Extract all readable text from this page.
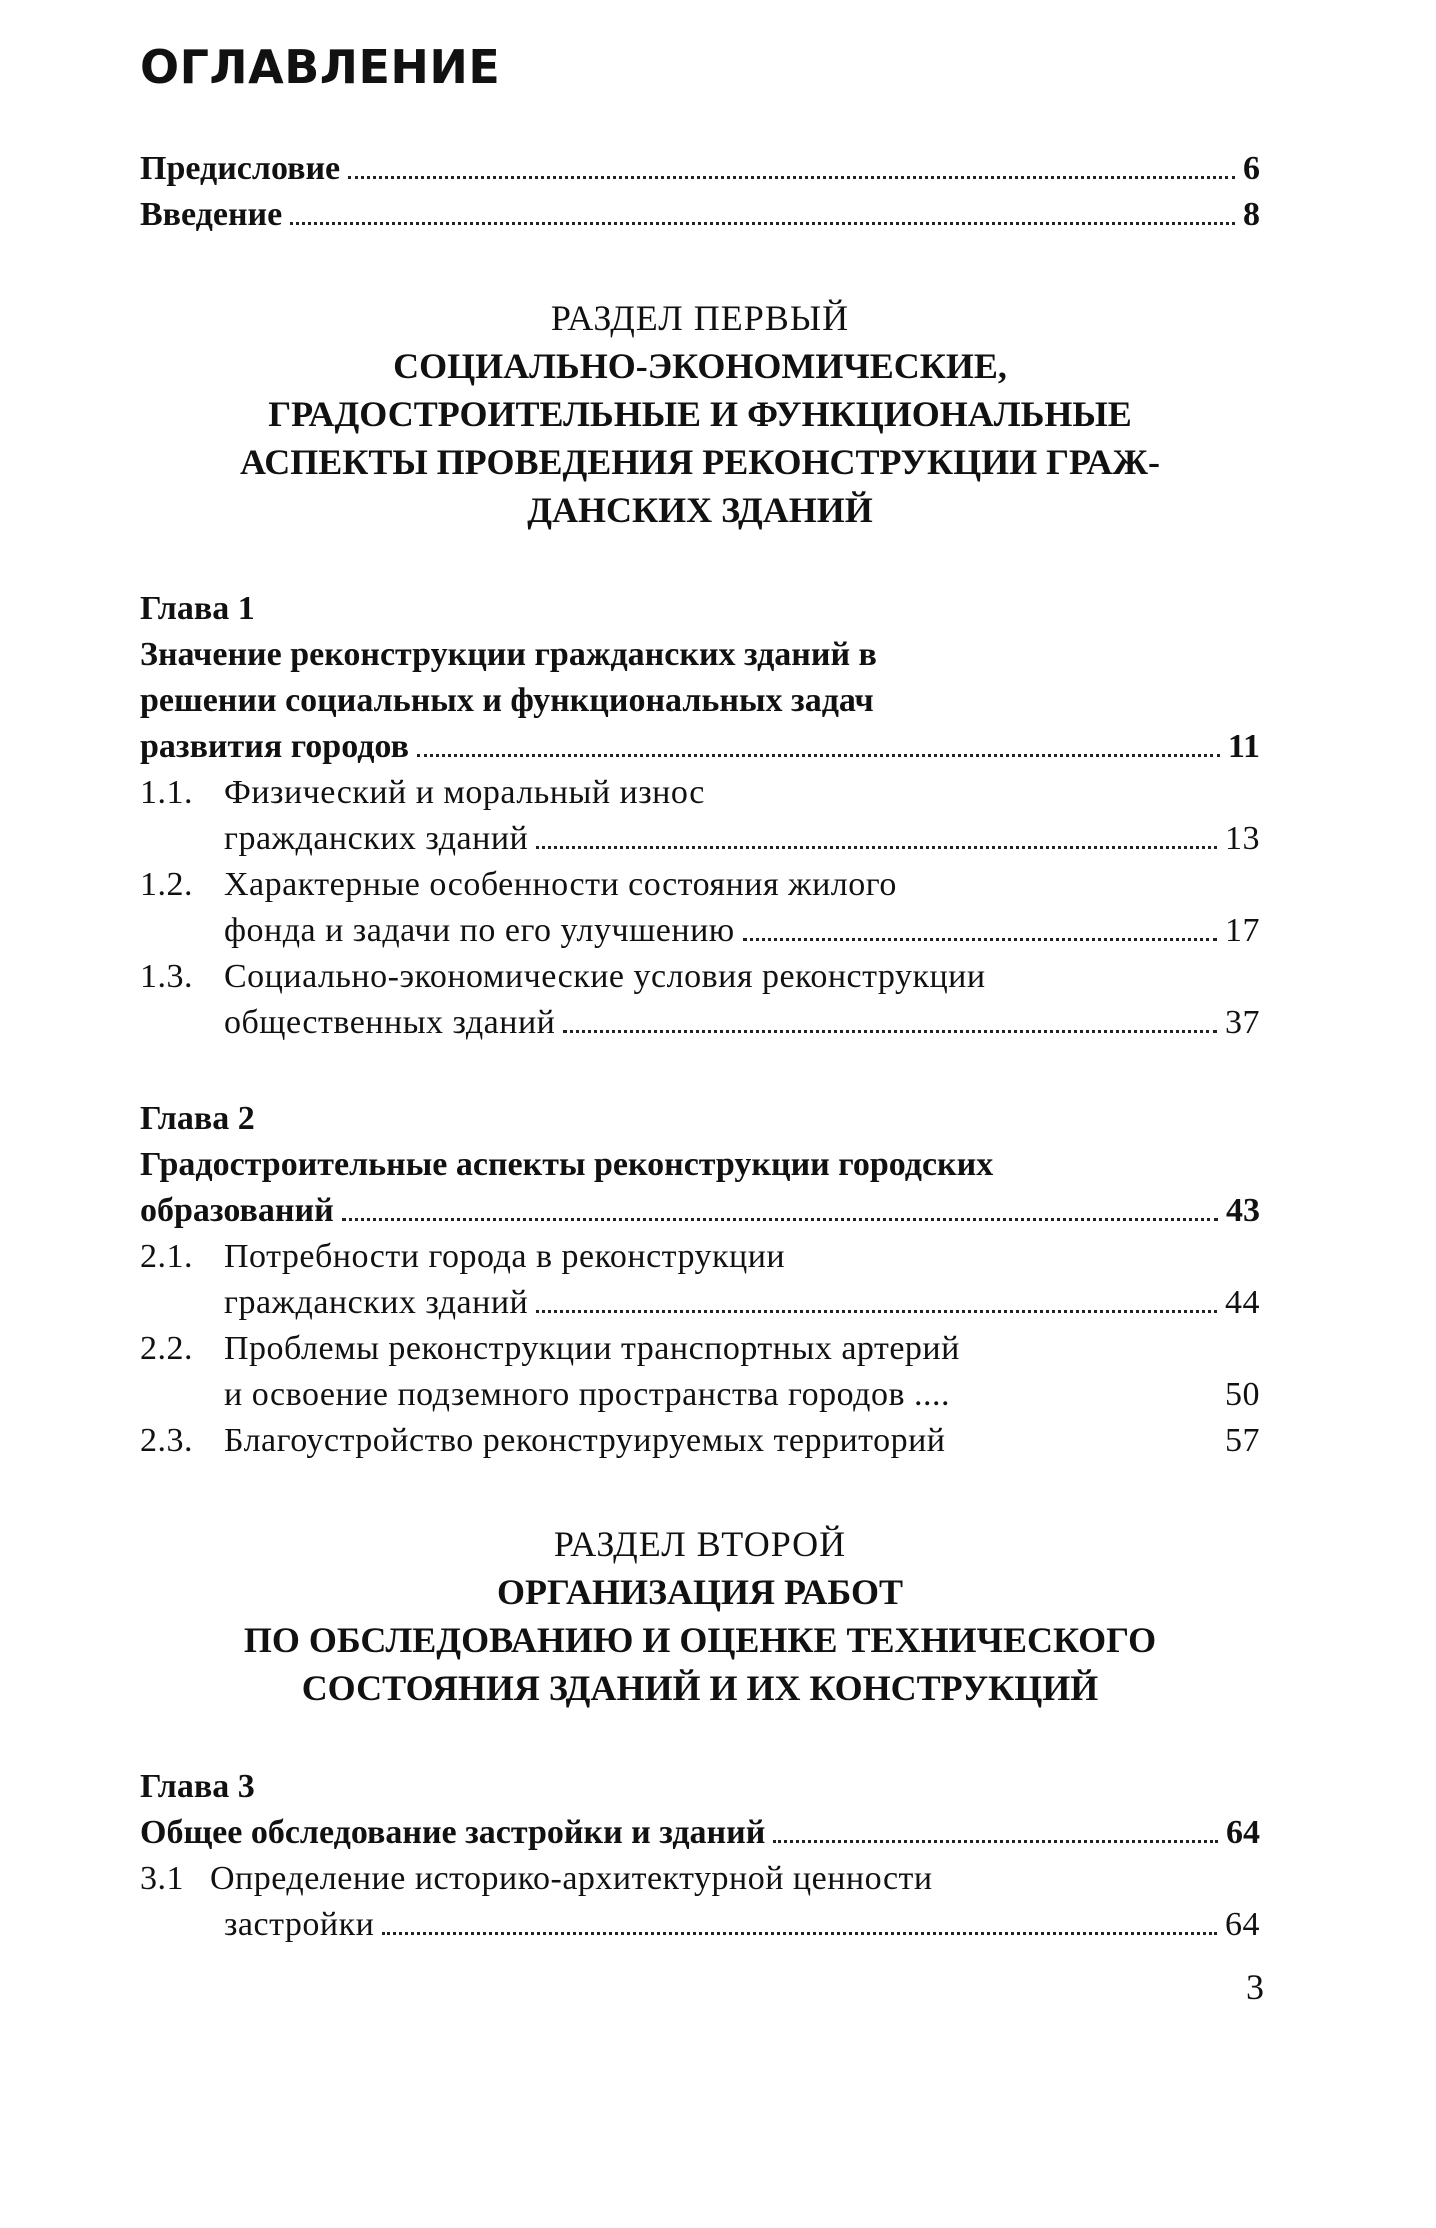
ОГЛАВЛЕНИЕ
Предисловие	6
Введение	8
РАЗДЕЛ ПЕРВЫЙ
СОЦИАЛЬНО-ЭКОНОМИЧЕСКИЕ,
ГРАДОСТРОИТЕЛЬНЫЕ И ФУНКЦИОНАЛЬНЫЕ
АСПЕКТЫ ПРОВЕДЕНИЯ РЕКОНСТРУКЦИИ ГРАЖ-
ДАНСКИХ ЗДАНИЙ
Глава 1
Значение реконструкции гражданских зданий в
решении социальных и функциональных задач
развития городов	11
1.1. Физический и моральный износ
гражданских зданий	13
1.2. Характерные особенности состояния жилого
фонда и задачи по его улучшению	17
1.3. Социально-экономические условия реконструкции
общественных зданий	37
Глава 2
Градостроительные аспекты реконструкции городских
образований	43
2.1. Потребности города в реконструкции
гражданских зданий	44
2.2. Проблемы реконструкции транспортных артерий
и освоение подземного пространства городов ....	50
2.3. Благоустройство реконструируемых территорий	57
РАЗДЕЛ ВТОРОЙ
ОРГАНИЗАЦИЯ РАБОТ
ПО ОБСЛЕДОВАНИЮ И ОЦЕНКЕ ТЕХНИЧЕСКОГО
СОСТОЯНИЯ ЗДАНИЙ И ИХ КОНСТРУКЦИЙ
Глава 3
Общее обследование застройки и зданий	64
3.1 Определение историко-архитектурной ценности
застройки	64
3
